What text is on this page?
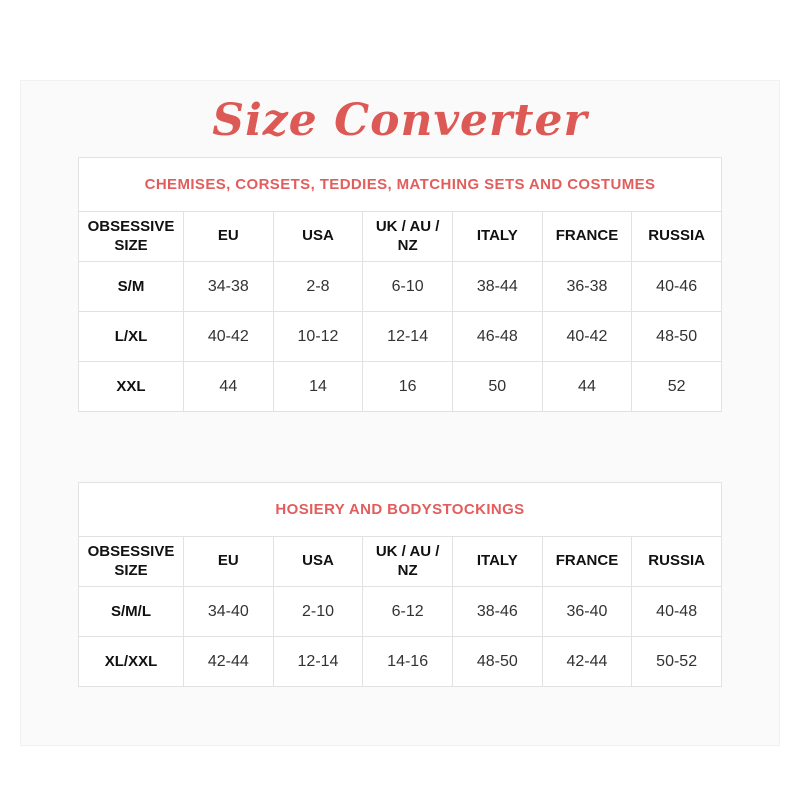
Size Converter
CHEMISES, CORSETS, TEDDIES, MATCHING SETS AND COSTUMES						
OBSESSIVE SIZE	EU	USA	UK / AU / NZ	ITALY	FRANCE	RUSSIA
S/M	34-38	2-8	6-10	38-44	36-38	40-46
L/XL	40-42	10-12	12-14	46-48	40-42	48-50
XXL	44	14	16	50	44	52
HOSIERY AND BODYSTOCKINGS						
OBSESSIVE SIZE	EU	USA	UK / AU / NZ	ITALY	FRANCE	RUSSIA
S/M/L	34-40	2-10	6-12	38-46	36-40	40-48
XL/XXL	42-44	12-14	14-16	48-50	42-44	50-52
